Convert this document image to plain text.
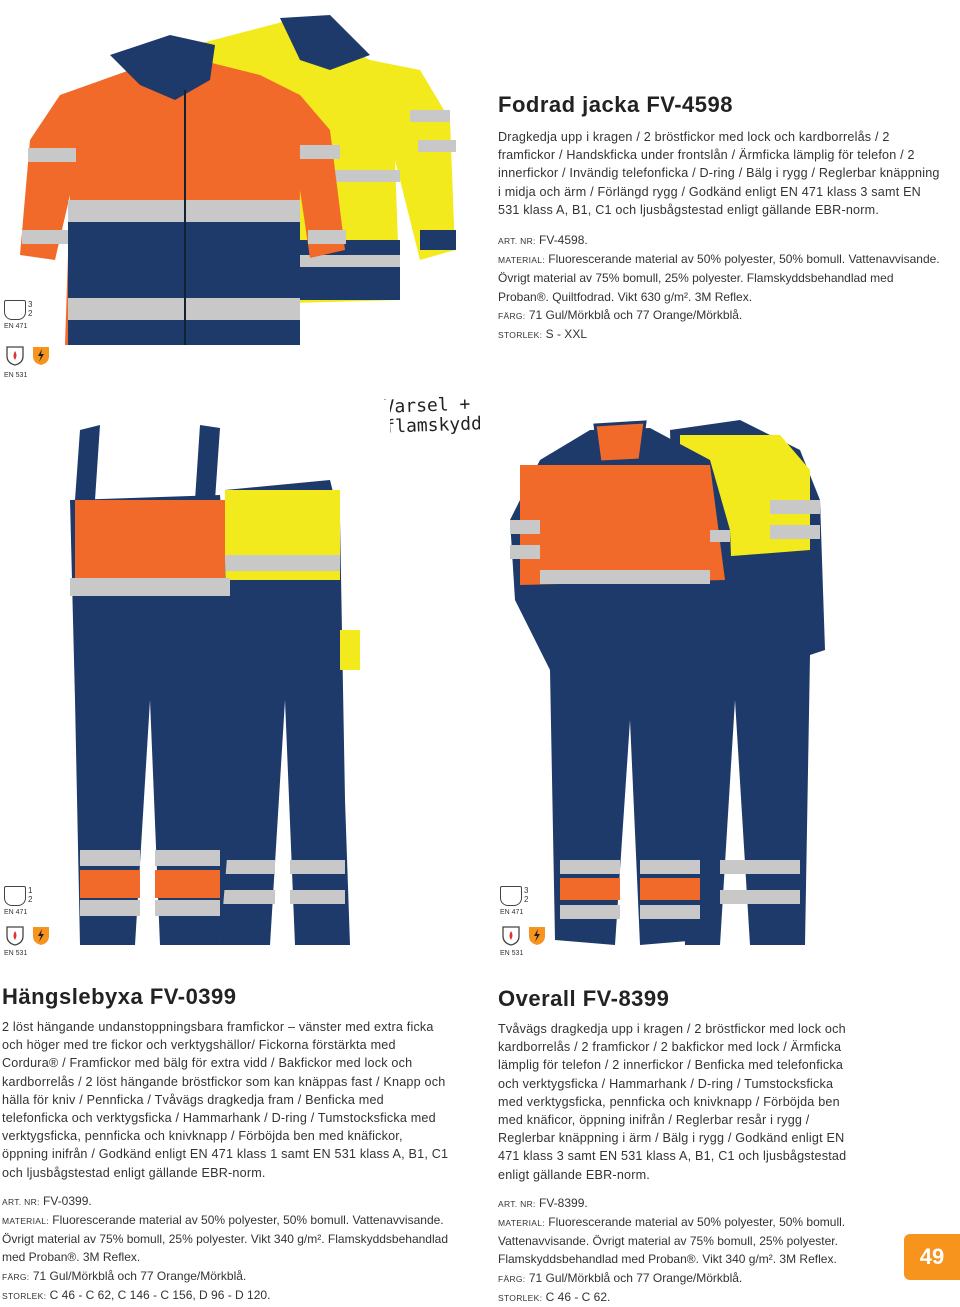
3 2
EN 471
EN 531
Fodrad jacka FV-4598
Dragkedja upp i kragen / 2 bröstfickor med lock och kardborrelås / 2 framfickor / Handskficka under frontslån / Ärmficka lämplig för telefon / 2 innerfickor / Invändig telefonficka / D-ring / Bälg i rygg / Reglerbar knäppning i midja och ärm / Förlängd rygg / Godkänd enligt EN 471 klass 3 samt EN 531 klass A, B1, C1 och ljusbågstestad enligt gällande EBR-norm.
ART. NR: FV-4598.
MATERIAL: Fluorescerande material av 50% polyester, 50% bomull. Vattenavvisande. Övrigt material av 75% bomull, 25% polyester. Flamskyddsbehandlad med Proban®. Quiltfodrad. Vikt 630 g/m². 3M Reflex.
FÄRG: 71 Gul/Mörkblå och 77 Orange/Mörkblå.
STORLEK: S - XXL
Varsel +
flamskydd
1 2
EN 471
EN 531
3 2
EN 471
EN 531
Hängslebyxa FV-0399
2 löst hängande undanstoppningsbara framfickor – vänster med extra ficka och höger med tre fickor och verktygshällor/ Fickorna förstärkta med Cordura® / Framfickor med bälg för extra vidd / Bakfickor med lock och kardborrelås / 2 löst hängande bröstfickor som kan knäppas fast / Knapp och hälla för kniv / Pennficka / Tvåvägs dragkedja fram / Benficka med telefonficka och verktygsficka / Hammarhank / D-ring / Tumstocksficka med verktygsficka, pennficka och knivknapp / Förböjda ben med knäfickor, öppning inifrån / Godkänd enligt EN 471 klass 1 samt EN 531 klass A, B1, C1 och ljusbågstestad enligt gällande EBR-norm.
ART. NR: FV-0399.
MATERIAL: Fluorescerande material av 50% polyester, 50% bomull. Vattenavvisande. Övrigt material av 75% bomull, 25% polyester. Vikt 340 g/m². Flamskyddsbehandlad med Proban®. 3M Reflex.
FÄRG: 71 Gul/Mörkblå och 77 Orange/Mörkblå.
STORLEK: C 46 - C 62, C 146 - C 156, D 96 - D 120.
Overall FV-8399
Tvåvägs dragkedja upp i kragen / 2 bröstfickor med lock och kardborrelås / 2 framfickor / 2 bakfickor med lock / Ärmficka lämplig för telefon / 2 innerfickor / Benficka med telefonficka och verktygsficka / Hammarhank / D-ring / Tumstocksficka med verktygsficka, pennficka och knivknapp / Förböjda ben med knäficor, öppning inifrån / Reglerbar resår i rygg / Reglerbar knäppning i ärm / Bälg i rygg / Godkänd enligt EN 471 klass 3 samt EN 531 klass A, B1, C1 och ljusbågstestad enligt gällande EBR-norm.
ART. NR: FV-8399.
MATERIAL: Fluorescerande material av 50% polyester, 50% bomull. Vattenavvisande. Övrigt material av 75% bomull, 25% polyester. Flamskyddsbehandlad med Proban®. Vikt 340 g/m². 3M Reflex.
FÄRG: 71 Gul/Mörkblå och 77 Orange/Mörkblå.
STORLEK: C 46 - C 62.
49
